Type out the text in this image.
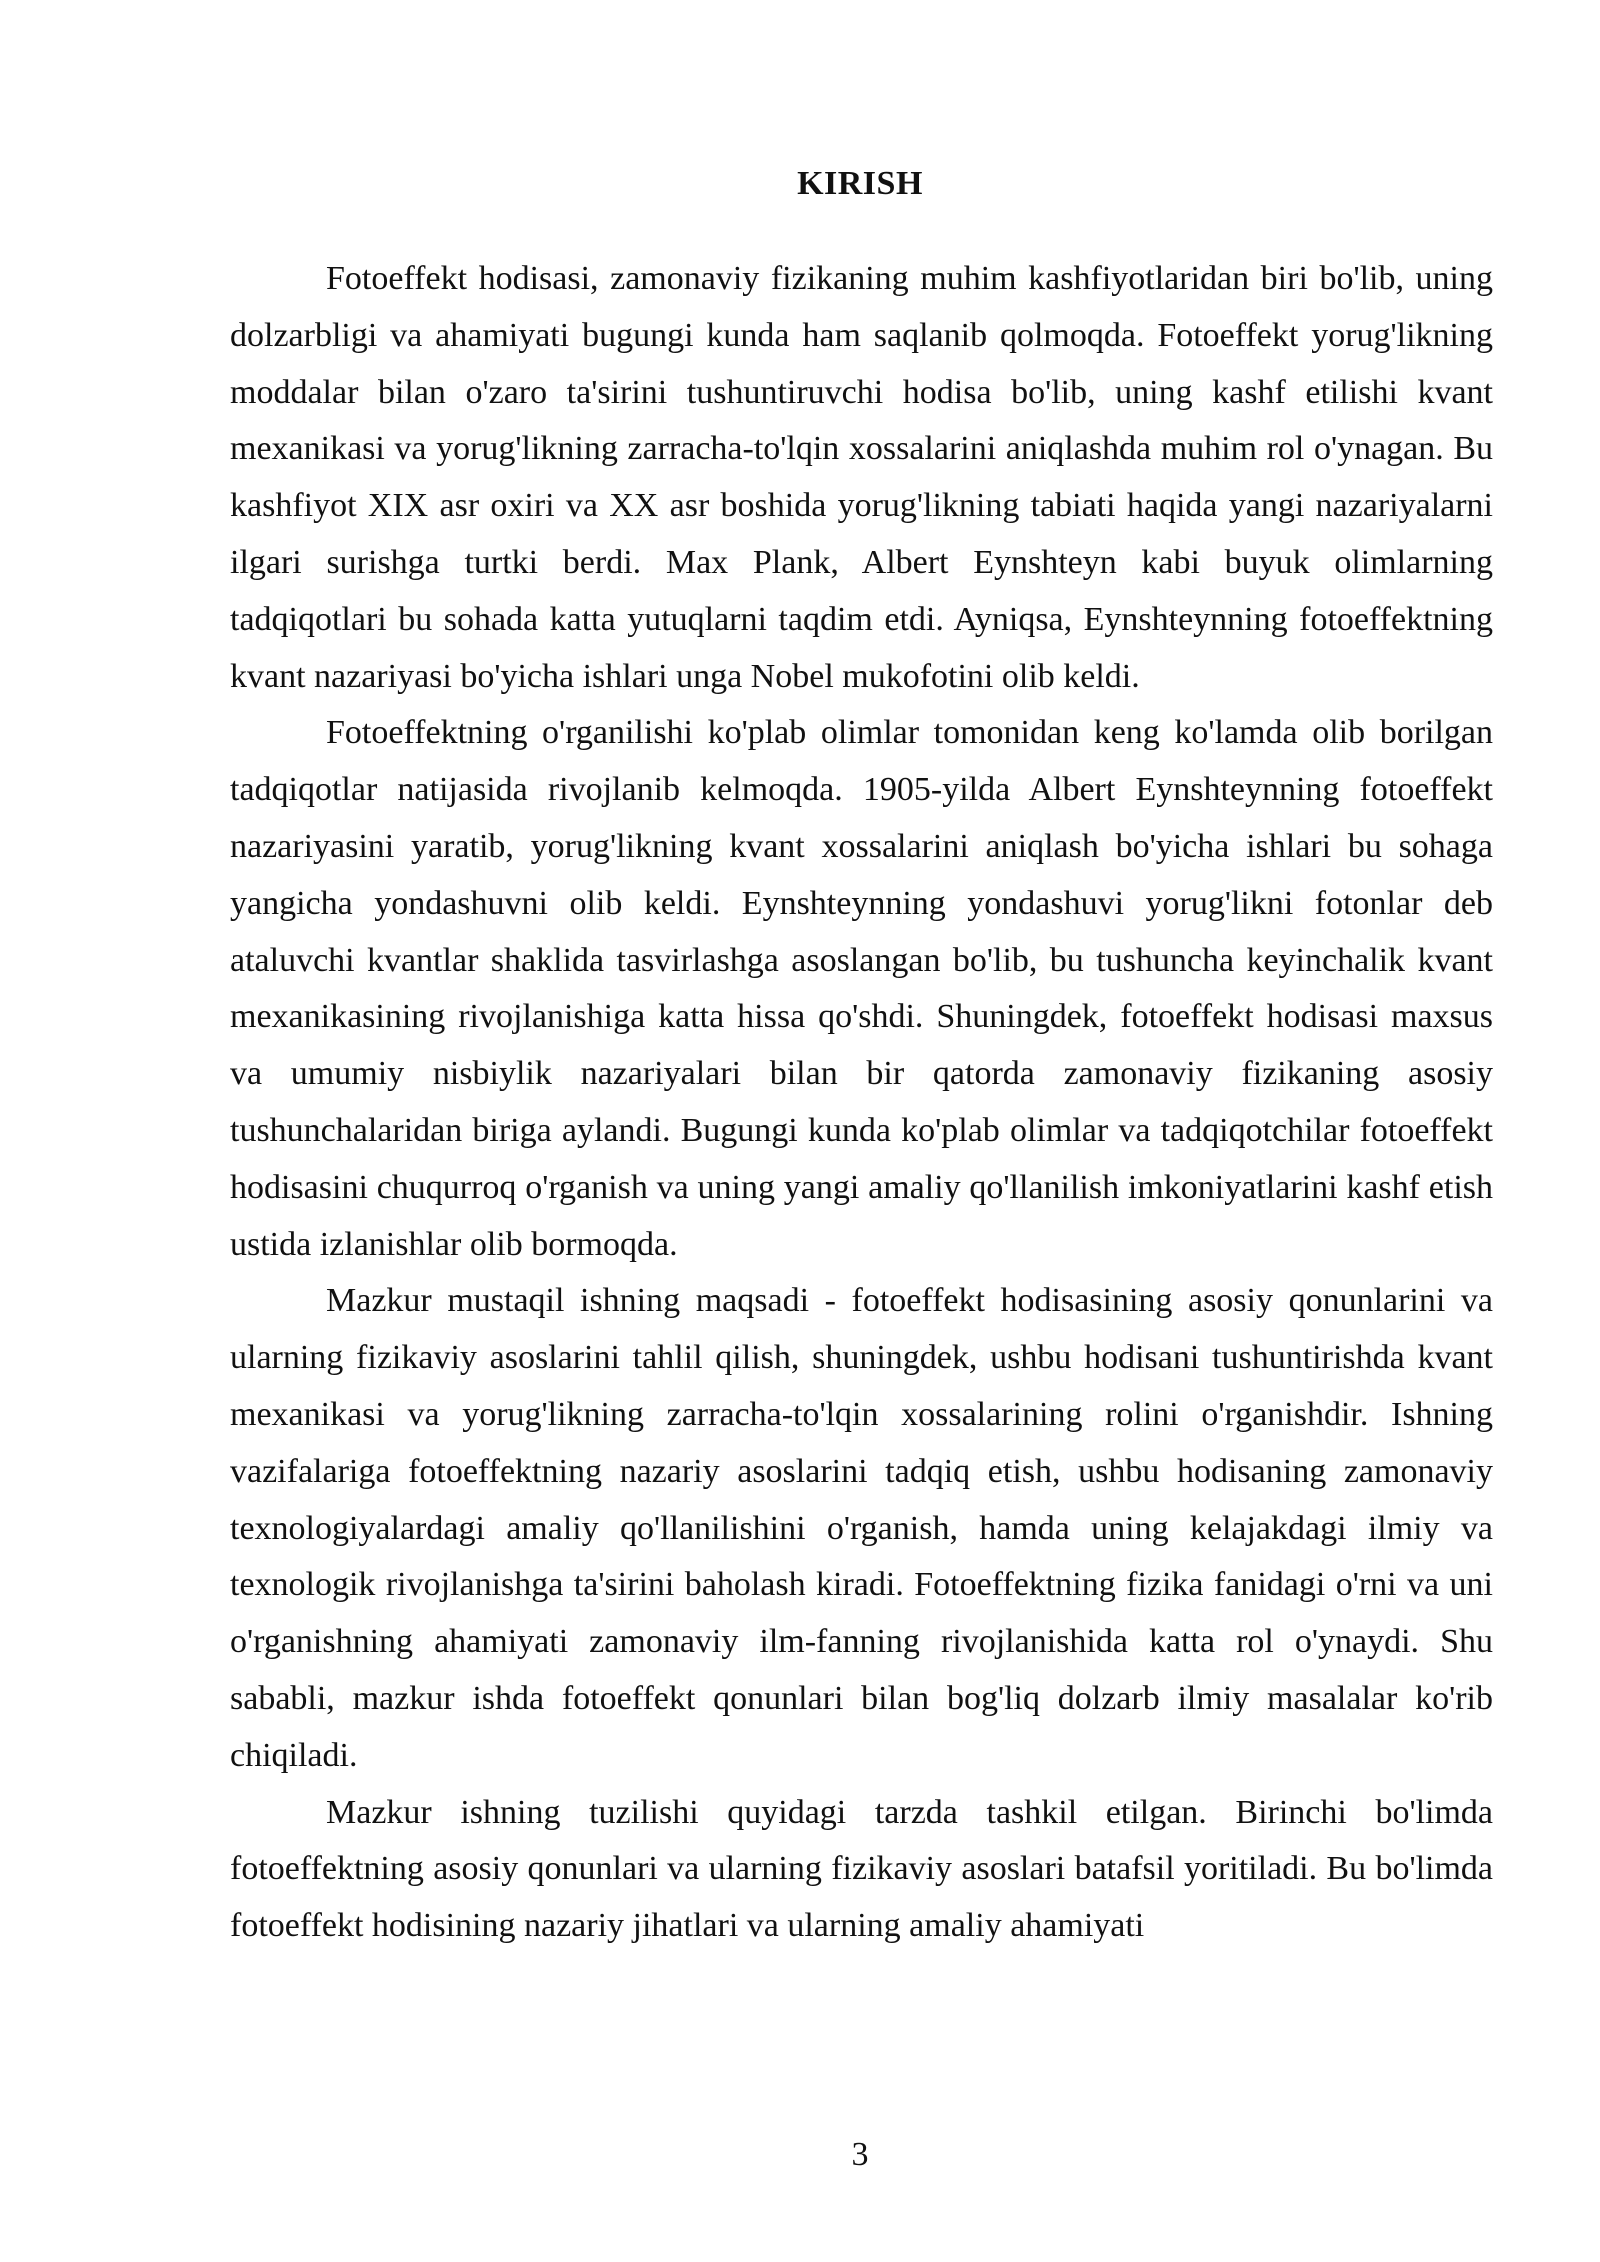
KIRISH

Fotoeffekt hodisasi, zamonaviy fizikaning muhim kashfiyotlaridan biri bo'lib, uning dolzarbligi va ahamiyati bugungi kunda ham saqlanib qolmoqda. Fotoeffekt yorug'likning moddalar bilan o'zaro ta'sirini tushuntiruvchi hodisa bo'lib, uning kashf etilishi kvant mexanikasi va yorug'likning zarracha-to'lqin xossalarini aniqlashda muhim rol o'ynagan. Bu kashfiyot XIX asr oxiri va XX asr boshida yorug'likning tabiati haqida yangi nazariyalarni ilgari surishga turtki berdi. Max Plank, Albert Eynshteyn kabi buyuk olimlarning tadqiqotlari bu sohada katta yutuqlarni taqdim etdi. Ayniqsa, Eynshteynning fotoeffektning kvant nazariyasi bo'yicha ishlari unga Nobel mukofotini olib keldi.

Fotoeffektning o'rganilishi ko'plab olimlar tomonidan keng ko'lamda olib borilgan tadqiqotlar natijasida rivojlanib kelmoqda. 1905-yilda Albert Eynshteynning fotoeffekt nazariyasini yaratib, yorug'likning kvant xossalarini aniqlash bo'yicha ishlari bu sohaga yangicha yondashuvni olib keldi. Eynshteynning yondashuvi yorug'likni fotonlar deb ataluvchi kvantlar shaklida tasvirlashga asoslangan bo'lib, bu tushuncha keyinchalik kvant mexanikasining rivojlanishiga katta hissa qo'shdi. Shuningdek, fotoeffekt hodisasi maxsus va umumiy nisbiylik nazariyalari bilan bir qatorda zamonaviy fizikaning asosiy tushunchalaridan biriga aylandi. Bugungi kunda ko'plab olimlar va tadqiqotchilar fotoeffekt hodisasini chuqurroq o'rganish va uning yangi amaliy qo'llanilish imkoniyatlarini kashf etish ustida izlanishlar olib bormoqda.

Mazkur mustaqil ishning maqsadi - fotoeffekt hodisasining asosiy qonunlarini va ularning fizikaviy asoslarini tahlil qilish, shuningdek, ushbu hodisani tushuntirishda kvant mexanikasi va yorug'likning zarracha-to'lqin xossalarining rolini o'rganishdir. Ishning vazifalariga fotoeffektning nazariy asoslarini tadqiq etish, ushbu hodisaning zamonaviy texnologiyalardagi amaliy qo'llanilishini o'rganish, hamda uning kelajakdagi ilmiy va texnologik rivojlanishga ta'sirini baholash kiradi. Fotoeffektning fizika fanidagi o'rni va uni o'rganishning ahamiyati zamonaviy ilm-fanning rivojlanishida katta rol o'ynaydi. Shu sababli, mazkur ishda fotoeffekt qonunlari bilan bog'liq dolzarb ilmiy masalalar ko'rib chiqiladi.

Mazkur ishning tuzilishi quyidagi tarzda tashkil etilgan. Birinchi bo'limda fotoeffektning asosiy qonunlari va ularning fizikaviy asoslari batafsil yoritiladi. Bu bo'limda fotoeffekt hodisining nazariy jihatlari va ularning amaliy ahamiyati

3
